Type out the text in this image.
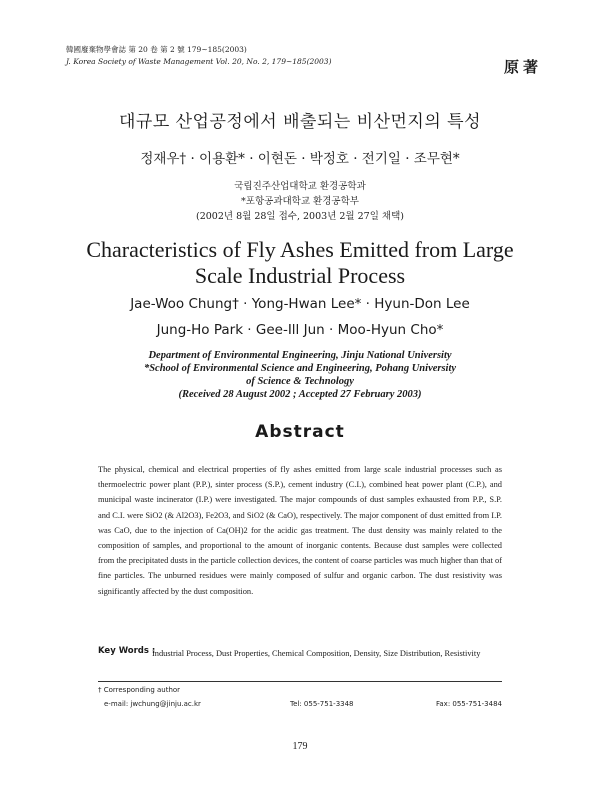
韓國廢棄物學會誌 第 20 卷 第 2 號 179~185(2003)
J. Korea Society of Waste Management Vol. 20, No. 2, 179~185(2003)	原著
대규모 산업공정에서 배출되는 비산먼지의 특성
정재우† · 이용환* · 이현돈 · 박정호 · 전기일 · 조무현*
국립진주산업대학교 환경공학과
*포항공과대학교 환경공학부
(2002년 8월 28일 접수, 2003년 2월 27일 채택)
Characteristics of Fly Ashes Emitted from Large
Scale Industrial Process
Jae-Woo Chung† · Yong-Hwan Lee* · Hyun-Don Lee
Jung-Ho Park · Gee-Ill Jun · Moo-Hyun Cho*
Department of Environmental Engineering, Jinju National University
*School of Environmental Science and Engineering, Pohang University
of Science & Technology
(Received 28 August 2002 ; Accepted 27 February 2003)
Abstract
The physical, chemical and electrical properties of fly ashes emitted from large scale industrial processes such as thermoelectric power plant (P.P.), sinter process (S.P.), cement industry (C.I.), combined heat power plant (C.P.), and municipal waste incinerator (I.P.) were investigated. The major compounds of dust samples exhausted from P.P., S.P. and C.I. were SiO2 (& Al2O3), Fe2O3, and SiO2 (& CaO), respectively. The major component of dust emitted from I.P. was CaO, due to the injection of Ca(OH)2 for the acidic gas treatment. The dust density was mainly related to the composition of samples, and proportional to the amount of inorganic contents. Because dust samples were collected from the precipitated dusts in the particle collection devices, the content of coarse particles was much higher than that of fine particles. The unburned residues were mainly composed of sulfur and organic carbon. The dust resistivity was significantly affected by the dust composition.
Key Words :
Industrial Process, Dust Properties, Chemical Composition, Density, Size Distribution, Resistivity
† Corresponding author
e-mail: jwchung@jinju.ac.kr	Tel: 055-751-3348	Fax: 055-751-3484
179
